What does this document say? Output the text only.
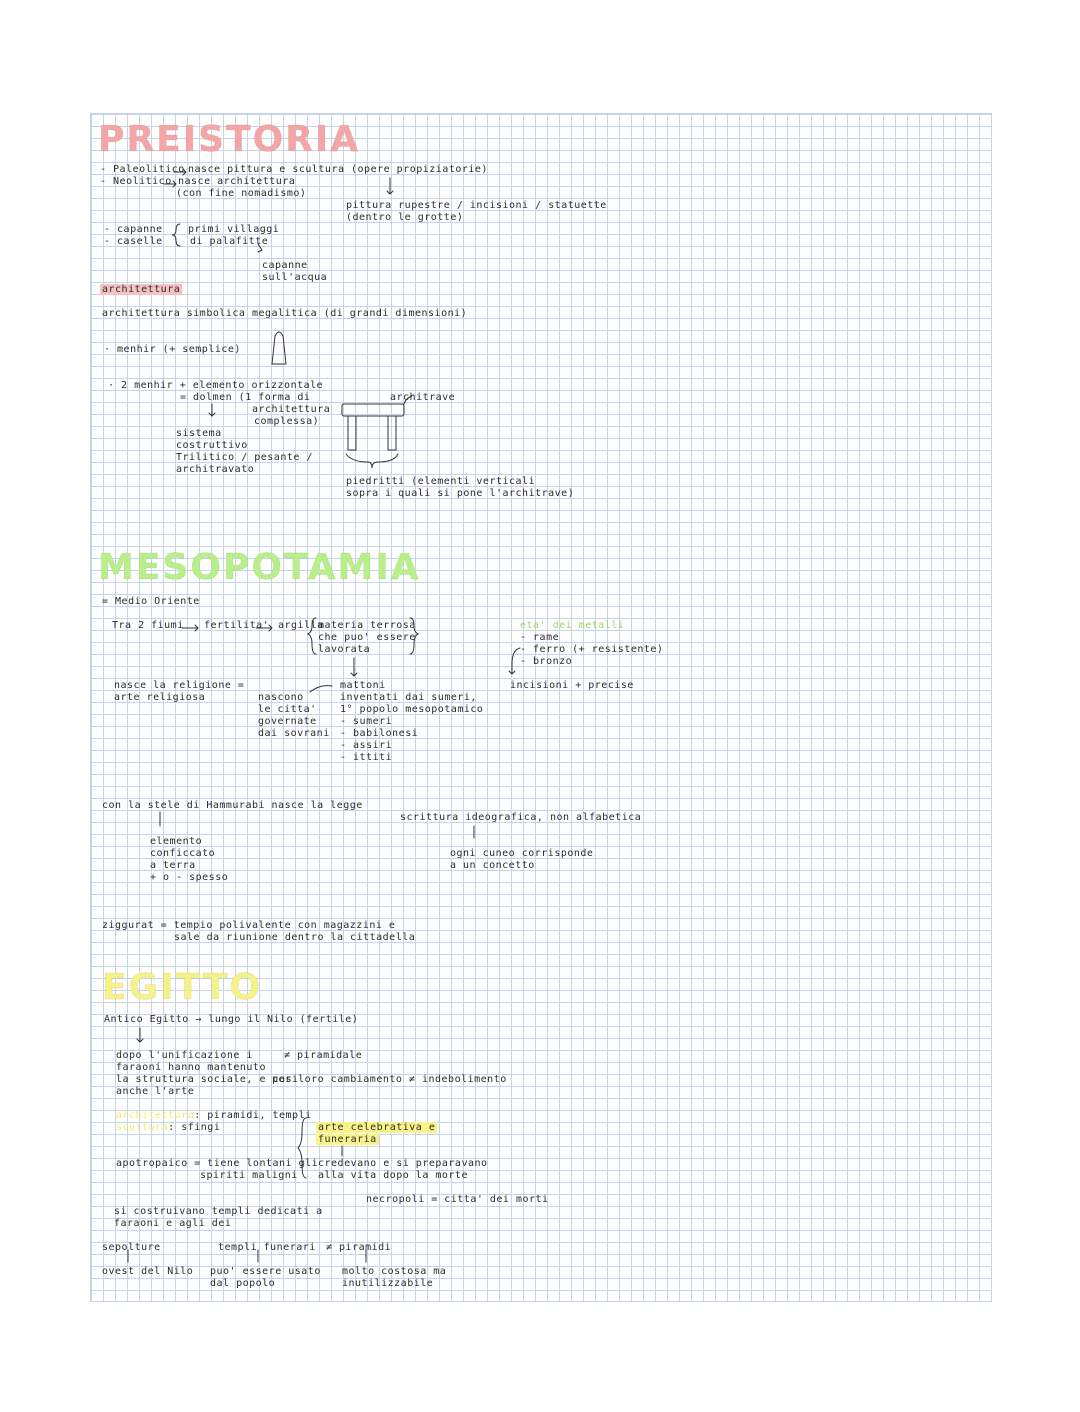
PREISTORIA
- Paleolitico nasce pittura e scultura (opere propiziatorie)
- Neolitico nasce architettura
(con fine nomadismo)
pittura rupestre / incisioni / statuette
(dentro le grotte)
- capanne
- caselle
primi villaggi
di palafitte
capanne
sull'acqua
architettura
architettura simbolica megalitica (di grandi dimensioni)
· menhir (+ semplice)
· 2 menhir + elemento orizzontale
= dolmen (1 forma di
architettura
complessa)
architrave
sistema
costruttivo
Trilitico / pesante /
architravato
piedritti (elementi verticali
sopra i quali si pone l'architrave)
MESOPOTAMIA
= Medio Oriente
Tra 2 fiumi fertilita' argilla
materia terrosa
che puo' essere
lavorata
eta' dei metalli
- rame
- ferro (+ resistente)
- bronzo
incisioni + precise
nasce la religione =
arte religiosa	nascono
le citta'
governate
dai sovrani
mattoni
inventati dai sumeri,
1° popolo mesopotamico
- sumeri
- babilonesi
- assiri
- ittiti
con la stele di Hammurabi nasce la legge
elemento
conficcato
a terra
+ o - spesso
scrittura ideografica, non alfabetica
ogni cuneo corrisponde
a un concetto
ziggurat = tempio polivalente con magazzini e
sale da riunione dentro la cittadella
EGITTO
Antico Egitto → lungo il Nilo (fertile)
dopo l'unificazione i
faraoni hanno mantenuto
la struttura sociale, e cosi
anche l'arte
≠ piramidale
per loro cambiamento ≠ indebolimento
architettura: piramidi, templi
scultura: sfingi	arte celebrativa e
funeraria
apotropaico = tiene lontani gli
spiriti maligni
credevano e si preparavano
alla vita dopo la morte
necropoli = citta' dei morti
si costruivano templi dedicati a
faraoni e agli dei
sepolture	templi funerari ≠ piramidi
ovest del Nilo puo' essere usato
dal popolo
molto costosa ma
inutilizzabile
